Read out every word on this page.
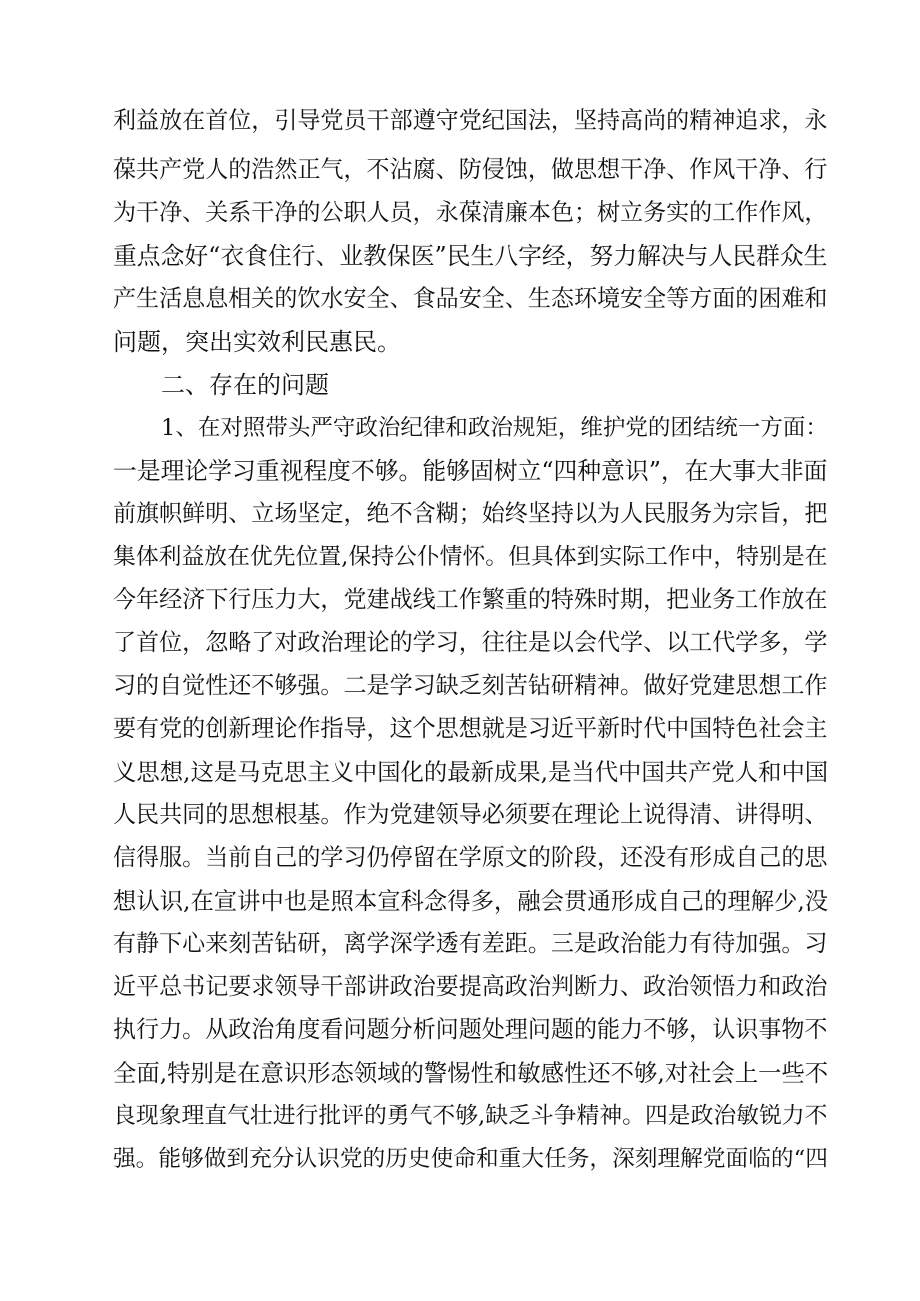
利益放在首位，引导党员干部遵守党纪国法，坚持高尚的精神追求，永
葆共产党人的浩然正气，不沾腐、防侵蚀，做思想干净、作风干净、行
为干净、关系干净的公职人员，永葆清廉本色；树立务实的工作作风，
重点念好“衣食住行、业教保医”民生八字经，努力解决与人民群众生
产生活息息相关的饮水安全、食品安全、生态环境安全等方面的困难和
问题，突出实效利民惠民。
二、存在的问题
1、在对照带头严守政治纪律和政治规矩，维护党的团结统一方面：
一是理论学习重视程度不够。能够固树立“四种意识”，在大事大非面
前旗帜鲜明、立场坚定，绝不含糊；始终坚持以为人民服务为宗旨，把
集体利益放在优先位置,保持公仆情怀。但具体到实际工作中，特别是在
今年经济下行压力大，党建战线工作繁重的特殊时期，把业务工作放在
了首位，忽略了对政治理论的学习，往往是以会代学、以工代学多，学
习的自觉性还不够强。二是学习缺乏刻苦钻研精神。做好党建思想工作
要有党的创新理论作指导，这个思想就是习近平新时代中国特色社会主
义思想,这是马克思主义中国化的最新成果,是当代中国共产党人和中国
人民共同的思想根基。作为党建领导必须要在理论上说得清、讲得明、
信得服。当前自己的学习仍停留在学原文的阶段，还没有形成自己的思
想认识,在宣讲中也是照本宣科念得多，融会贯通形成自己的理解少,没
有静下心来刻苦钻研，离学深学透有差距。三是政治能力有待加强。习
近平总书记要求领导干部讲政治要提高政治判断力、政治领悟力和政治
执行力。从政治角度看问题分析问题处理问题的能力不够，认识事物不
全面,特别是在意识形态领域的警惕性和敏感性还不够,对社会上一些不
良现象理直气壮进行批评的勇气不够,缺乏斗争精神。四是政治敏锐力不
强。能够做到充分认识党的历史使命和重大任务，深刻理解党面临的“四
